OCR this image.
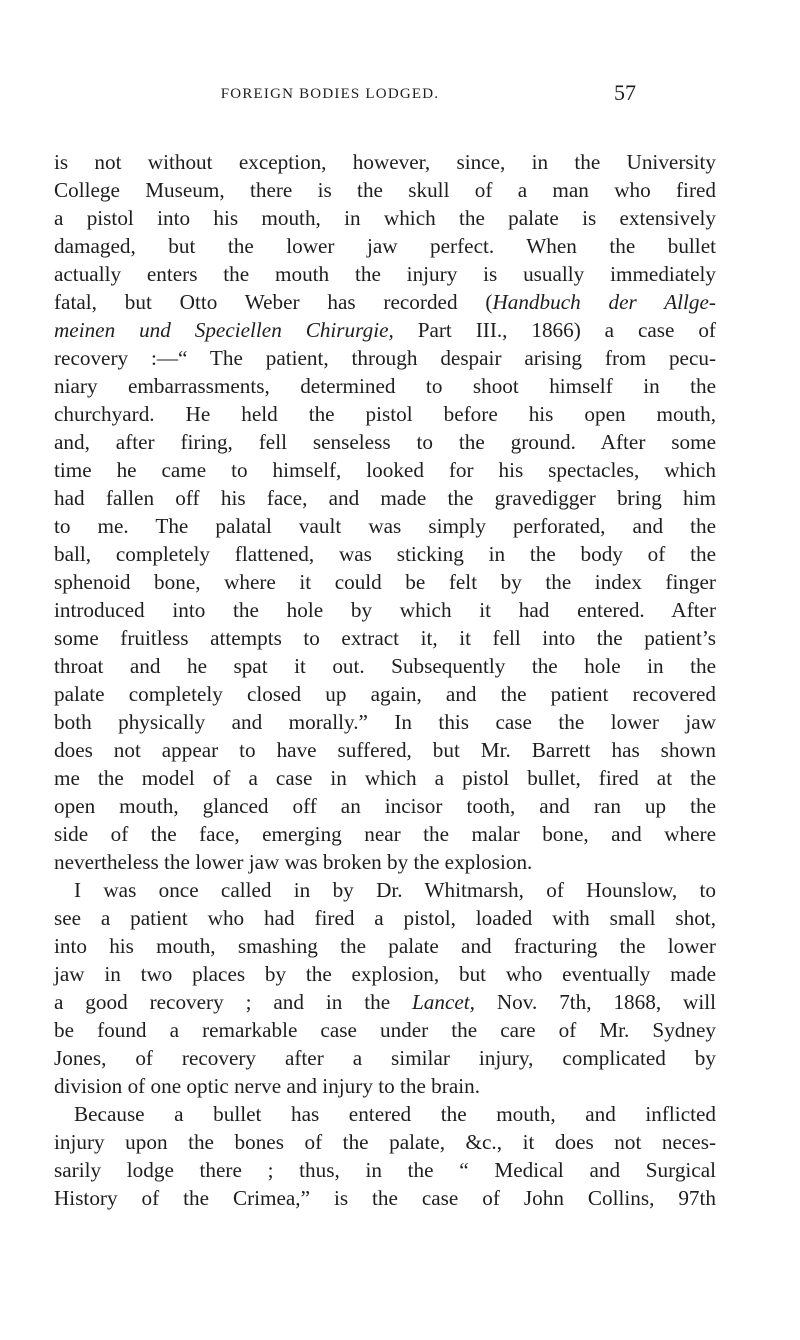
FOREIGN BODIES LODGED.	57
is not without exception, however, since, in the University
College Museum, there is the skull of a man who fired
a pistol into his mouth, in which the palate is extensively
damaged, but the lower jaw perfect. When the bullet
actually enters the mouth the injury is usually immediately
fatal, but Otto Weber has recorded (Handbuch der Allge-
meinen und Speciellen Chirurgie, Part III., 1866) a case of
recovery :—“ The patient, through despair arising from pecu-
niary embarrassments, determined to shoot himself in the
churchyard. He held the pistol before his open mouth,
and, after firing, fell senseless to the ground. After some
time he came to himself, looked for his spectacles, which
had fallen off his face, and made the gravedigger bring him
to me. The palatal vault was simply perforated, and the
ball, completely flattened, was sticking in the body of the
sphenoid bone, where it could be felt by the index finger
introduced into the hole by which it had entered. After
some fruitless attempts to extract it, it fell into the patient’s
throat and he spat it out. Subsequently the hole in the
palate completely closed up again, and the patient recovered
both physically and morally.” In this case the lower jaw
does not appear to have suffered, but Mr. Barrett has shown
me the model of a case in which a pistol bullet, fired at the
open mouth, glanced off an incisor tooth, and ran up the
side of the face, emerging near the malar bone, and where
nevertheless the lower jaw was broken by the explosion.
I was once called in by Dr. Whitmarsh, of Hounslow, to
see a patient who had fired a pistol, loaded with small shot,
into his mouth, smashing the palate and fracturing the lower
jaw in two places by the explosion, but who eventually made
a good recovery ; and in the Lancet, Nov. 7th, 1868, will
be found a remarkable case under the care of Mr. Sydney
Jones, of recovery after a similar injury, complicated by
division of one optic nerve and injury to the brain.
Because a bullet has entered the mouth, and inflicted
injury upon the bones of the palate, &c., it does not neces-
sarily lodge there ; thus, in the “ Medical and Surgical
History of the Crimea,” is the case of John Collins, 97th
